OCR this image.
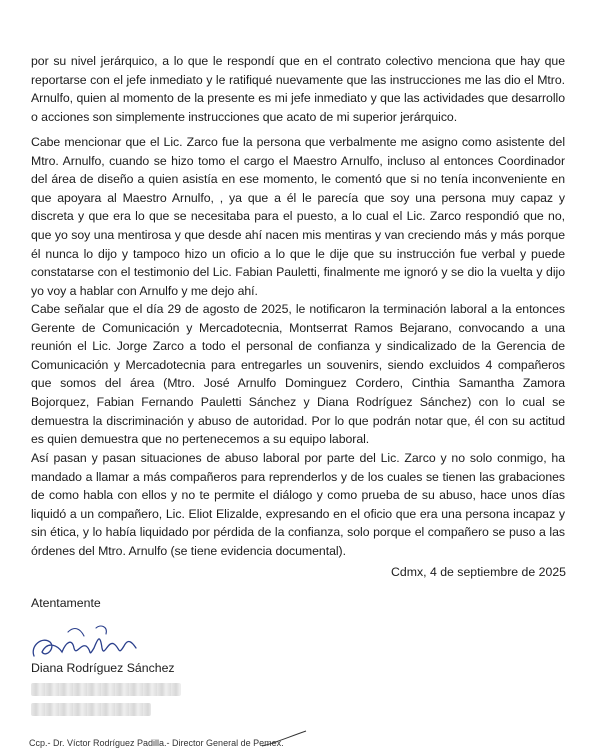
por su nivel jerárquico, a lo que le respondí que en el contrato colectivo menciona que hay que reportarse con el jefe inmediato y le ratifiqué nuevamente que las instrucciones me las dio el Mtro. Arnulfo, quien al momento de la presente es mi jefe inmediato y que las actividades que desarrollo o acciones son simplemente instrucciones que acato de mi superior jerárquico.

Cabe mencionar que el Lic. Zarco fue la persona que verbalmente me asigno como asistente del Mtro. Arnulfo, cuando se hizo tomo el cargo el Maestro Arnulfo, incluso al entonces Coordinador del área de diseño a quien asistía en ese momento, le comentó que si no tenía inconveniente en que apoyara al Maestro Arnulfo, , ya que a él le parecía que soy una persona muy capaz y discreta y que era lo que se necesitaba para el puesto, a lo cual el Lic. Zarco respondió que no, que yo soy una mentirosa y que desde ahí nacen mis mentiras y van creciendo más y más porque él nunca lo dijo y tampoco hizo un oficio a lo que le dije que su instrucción fue verbal y puede constatarse con el testimonio del Lic. Fabian Pauletti, finalmente me ignoró y se dio la vuelta y dijo yo voy a hablar con Arnulfo y me dejo ahí.

Cabe señalar que el día 29 de agosto de 2025, le notificaron la terminación laboral a la entonces Gerente de Comunicación y Mercadotecnia, Montserrat Ramos Bejarano, convocando a una reunión el Lic. Jorge Zarco a todo el personal de confianza y sindicalizado de la Gerencia de Comunicación y Mercadotecnia para entregarles un souvenirs, siendo excluidos 4 compañeros que somos del área (Mtro. José Arnulfo Dominguez Cordero, Cinthia Samantha Zamora Bojorquez, Fabian Fernando Pauletti Sánchez y Diana Rodríguez Sánchez) con lo cual se demuestra la discriminación y abuso de autoridad. Por lo que podrán notar que, él con su actitud es quien demuestra que no pertenecemos a su equipo laboral.

Así pasan y pasan situaciones de abuso laboral por parte del Lic. Zarco y no solo conmigo, ha mandado a llamar a más compañeros para reprenderlos y de los cuales se tienen las grabaciones de como habla con ellos y no te permite el diálogo y como prueba de su abuso, hace unos días liquidó a un compañero, Lic. Eliot Elizalde, expresando en el oficio que era una persona incapaz y sin ética, y lo había liquidado por pérdida de la confianza, solo porque el compañero se puso a las órdenes del Mtro. Arnulfo (se tiene evidencia documental).

Cdmx, 4 de septiembre de 2025

Atentamente

Diana Rodríguez Sánchez

Ccp.- Dr. Víctor Rodríguez Padilla.- Director General de Pemex.
